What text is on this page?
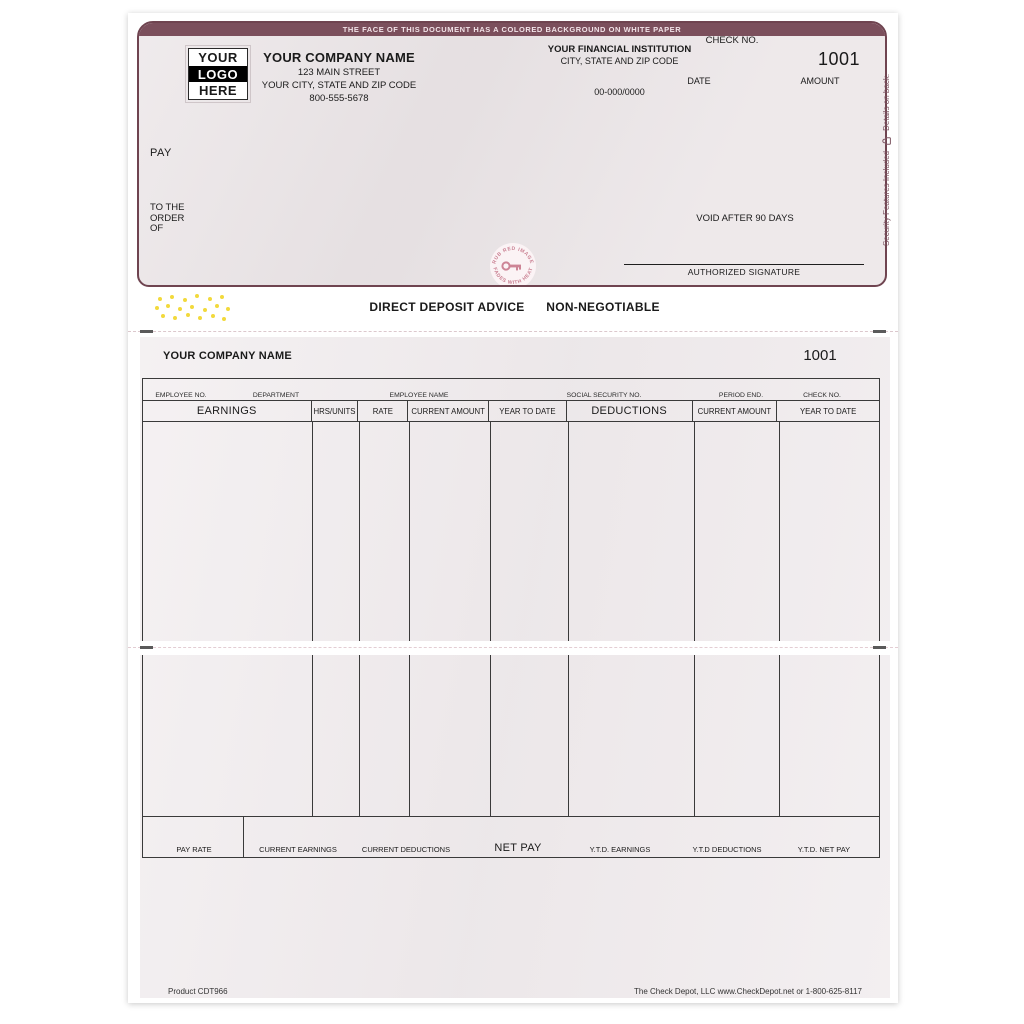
THE FACE OF THIS DOCUMENT HAS A COLORED BACKGROUND ON WHITE PAPER
YOUR
LOGO
HERE
YOUR COMPANY NAME
123 MAIN STREET
YOUR CITY, STATE AND ZIP CODE
800-555-5678
YOUR FINANCIAL INSTITUTION
CITY, STATE AND ZIP CODE
00-000/0000
CHECK NO.
1001
DATE	AMOUNT
PAY
TO THE
ORDER
OF
VOID AFTER 90 DAYS
RUB RED IMAGE
FADES WITH HEAT	AUTHORIZED SIGNATURE
Security Features Included
Details on back.
DIRECT DEPOSIT ADVICE	NON-NEGOTIABLE
YOUR COMPANY NAME	1001
EMPLOYEE NO.	DEPARTMENT	EMPLOYEE NAME	SOCIAL SECURITY NO.	PERIOD END.	CHECK NO.
EARNINGS	HRS/UNITS	RATE	CURRENT AMOUNT	YEAR TO DATE	DEDUCTIONS	CURRENT AMOUNT	YEAR TO DATE
PAY RATE	CURRENT EARNINGS	CURRENT DEDUCTIONS	NET PAY	Y.T.D. EARNINGS	Y.T.D DEDUCTIONS	Y.T.D. NET PAY
Product CDT966	The Check Depot, LLC www.CheckDepot.net or 1-800-625-8117
